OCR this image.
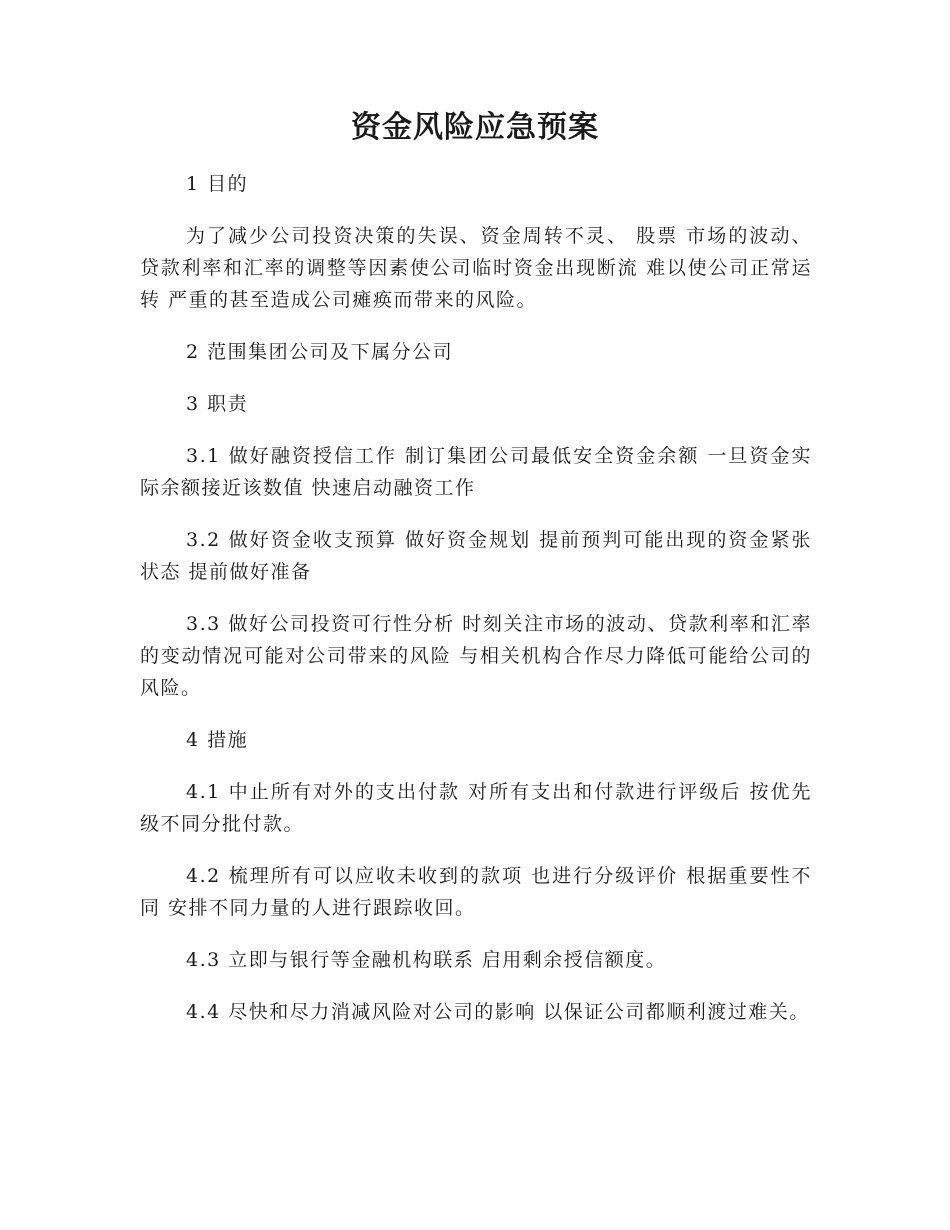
资金风险应急预案

1 目的

为了减少公司投资决策的失误、资金周转不灵、 股票 市场的波动、贷款利率和汇率的调整等因素使公司临时资金出现断流 难以使公司正常运转 严重的甚至造成公司瘫痪而带来的风险。

2 范围集团公司及下属分公司

3 职责

3.1 做好融资授信工作 制订集团公司最低安全资金余额 一旦资金实际余额接近该数值 快速启动融资工作

3.2 做好资金收支预算 做好资金规划 提前预判可能出现的资金紧张状态 提前做好准备

3.3 做好公司投资可行性分析 时刻关注市场的波动、贷款利率和汇率的变动情况可能对公司带来的风险 与相关机构合作尽力降低可能给公司的风险。

4 措施

4.1 中止所有对外的支出付款 对所有支出和付款进行评级后 按优先级不同分批付款。

4.2 梳理所有可以应收未收到的款项 也进行分级评价 根据重要性不同 安排不同力量的人进行跟踪收回。

4.3 立即与银行等金融机构联系 启用剩余授信额度。

4.4 尽快和尽力消减风险对公司的影响 以保证公司都顺利渡过难关。
